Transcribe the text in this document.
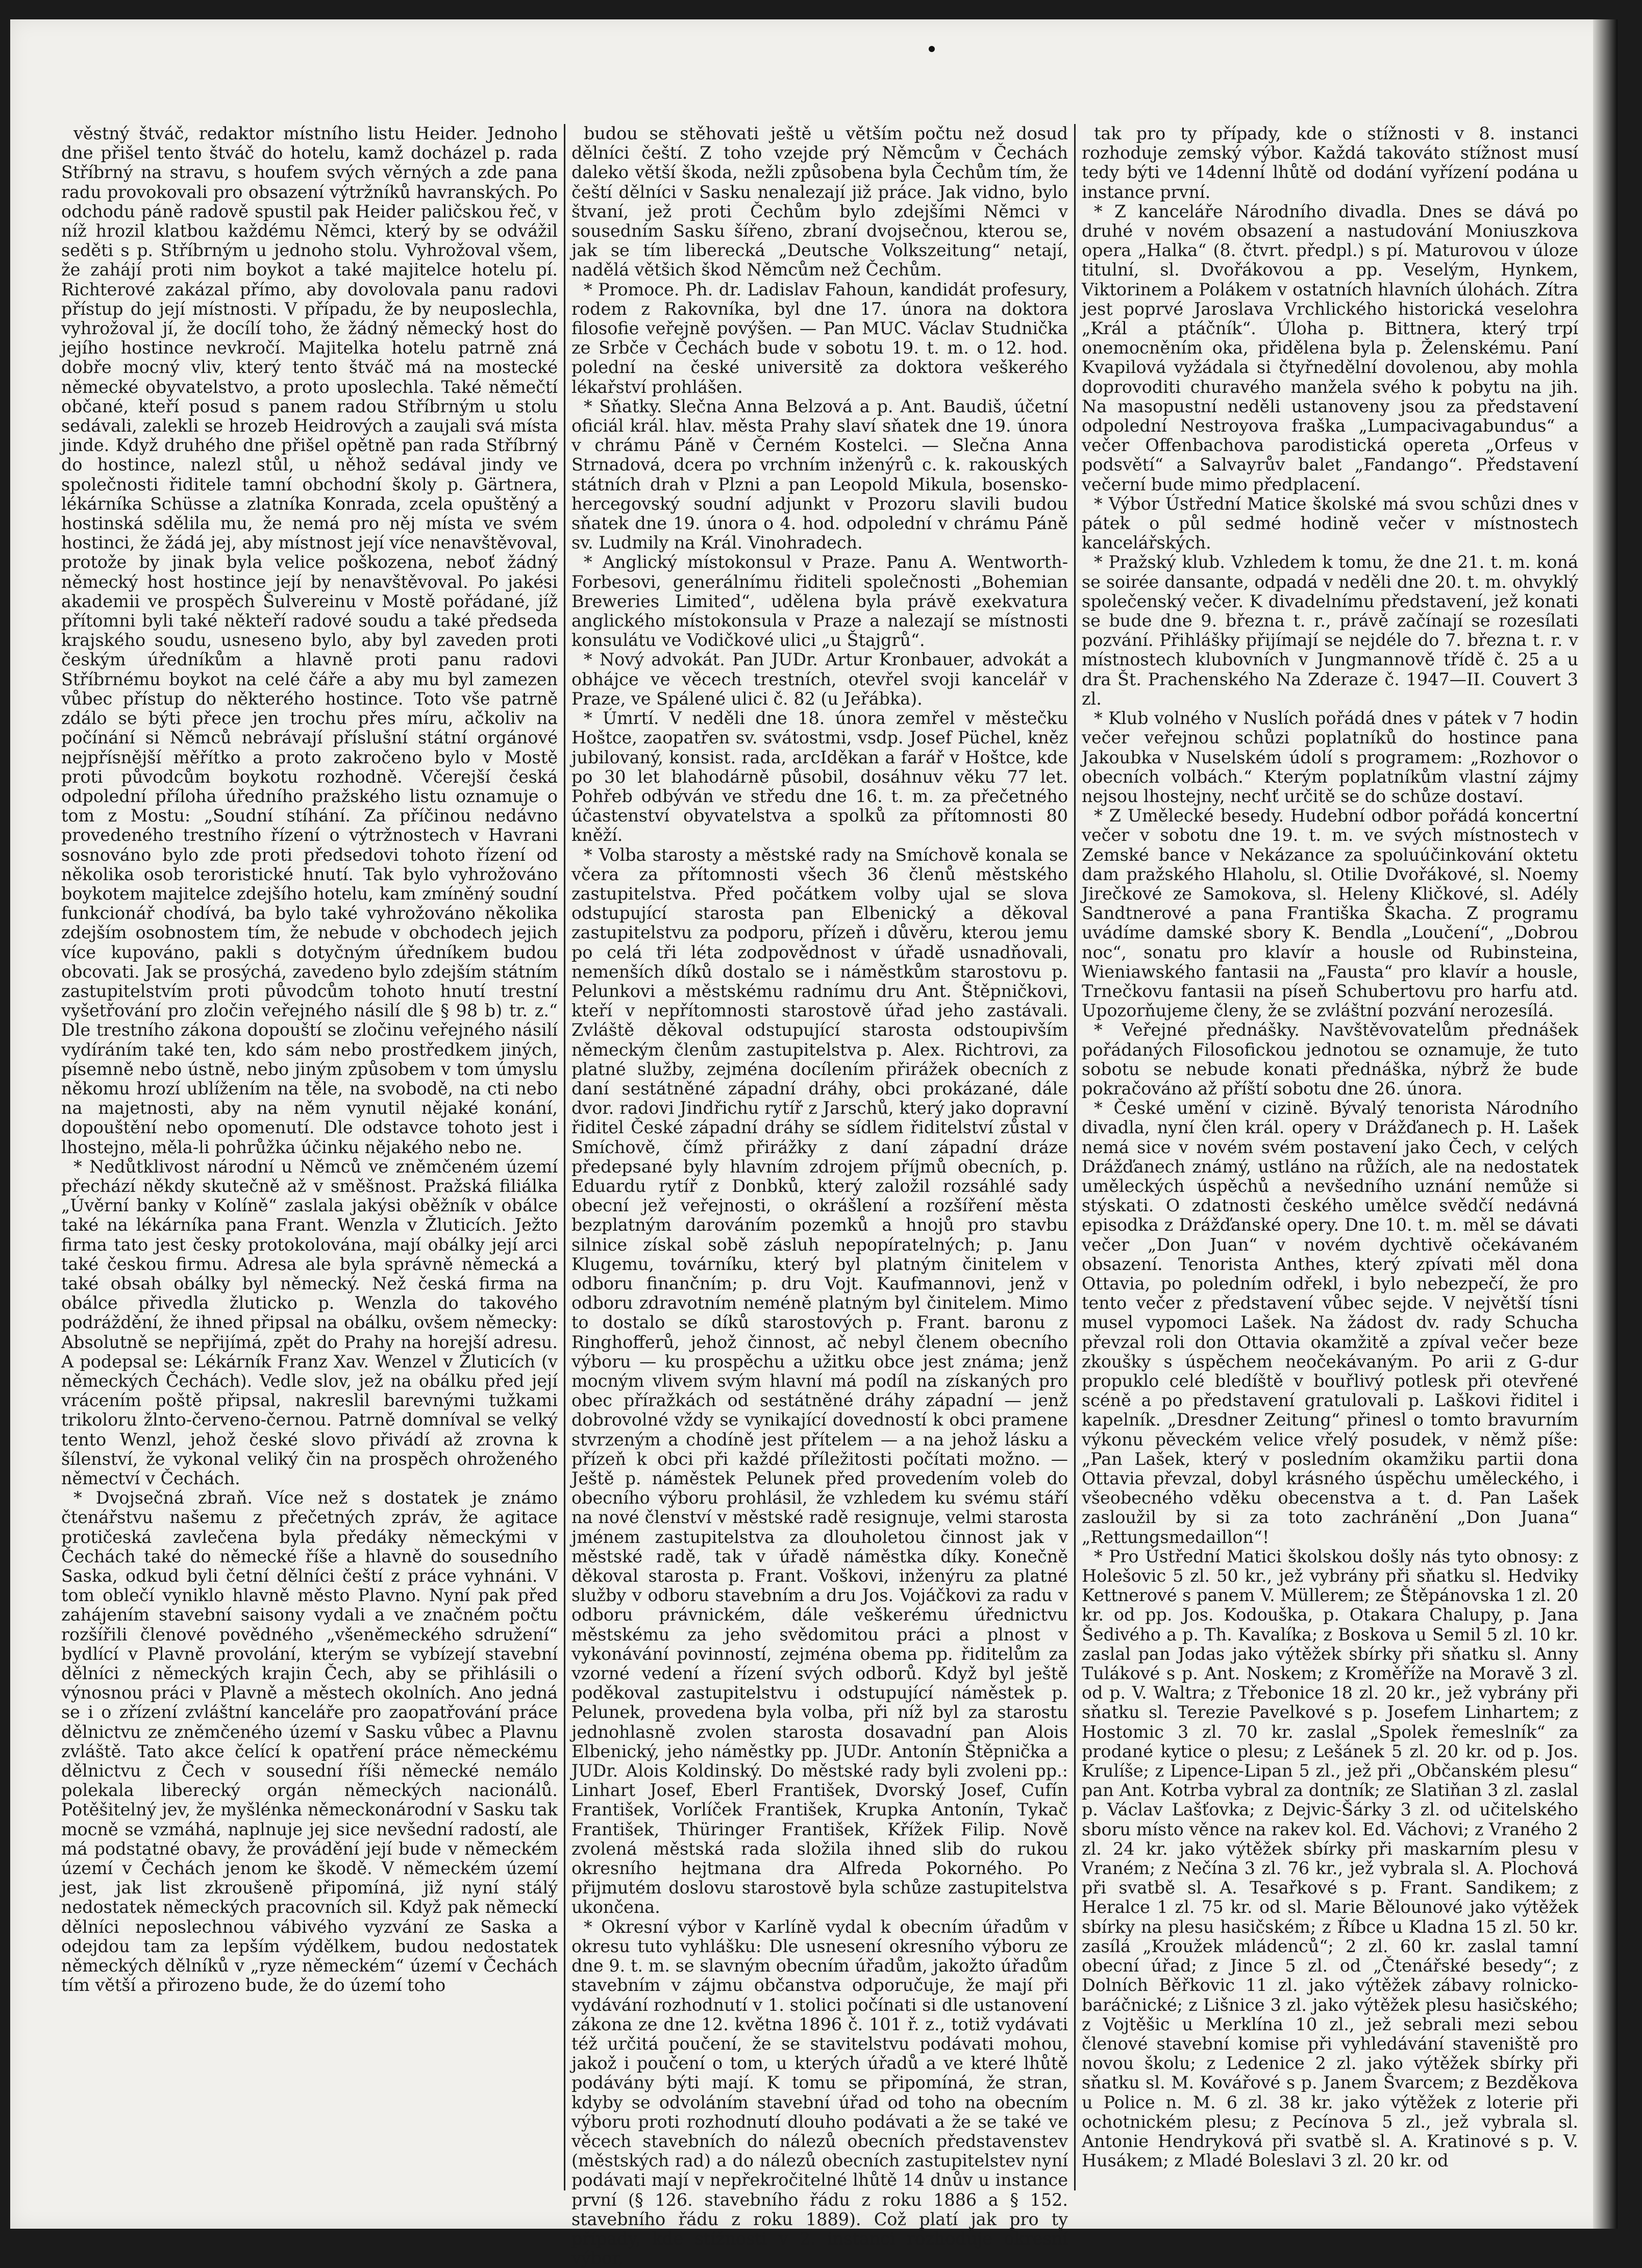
věstný štváč, redaktor místního listu Heider. Jednoho dne přišel tento štváč do hotelu, kamž docházel p. rada Stříbrný na stravu, s houfem svých věrných a zde pana radu provokovali pro obsazení výtržníků havranských. Po odchodu páně radově spustil pak Heider paličskou řeč, v níž hrozil klatbou každému Němci, který by se odvážil seděti s p. Stříbrným u jednoho stolu. Vyhrožoval všem, že zahájí proti nim boykot a také majitelce hotelu pí. Richterové zakázal přímo, aby dovolovala panu radovi přístup do její místnosti. V případu, že by neuposlechla, vyhrožoval jí, že docílí toho, že žádný německý host do jejího hostince nevkročí. Majitelka hotelu patrně zná dobře mocný vliv, který tento štváč má na mostecké německé obyvatelstvo, a proto uposlechla. Také němečtí občané, kteří posud s panem radou Stříbrným u stolu sedávali, zalekli se hrozeb Heidrových a zaujali svá místa jinde. Když druhého dne přišel opětně pan rada Stříbrný do hostince, nalezl stůl, u něhož sedával jindy ve společnosti řiditele tamní obchodní školy p. Gärtnera, lékárníka Schüsse a zlatníka Konrada, zcela opuštěný a hostinská sdělila mu, že nemá pro něj místa ve svém hostinci, že žádá jej, aby místnost její více nenavštěvoval, protože by jinak byla velice poškozena, neboť žádný německý host hostince její by nenavštěvoval. Po jakési akademii ve prospěch Šulvereinu v Mostě pořádané, jíž přítomni byli také někteří radové soudu a také předseda krajského soudu, usneseno bylo, aby byl zaveden proti českým úředníkům a hlavně proti panu radovi Stříbrnému boykot na celé čáře a aby mu byl zamezen vůbec přístup do některého hostince. Toto vše patrně zdálo se býti přece jen trochu přes míru, ačkoliv na počínání si Němců nebrávají příslušní státní orgánové nejpřísnější měřítko a proto zakročeno bylo v Mostě proti původcům boykotu rozhodně. Včerejší česká odpolední příloha úředního pražského listu oznamuje o tom z Mostu: „Soudní stíhání. Za příčinou nedávno provedeného trestního řízení o výtržnostech v Havrani sosnováno bylo zde proti předsedovi tohoto řízení od několika osob teroristické hnutí. Tak bylo vyhrožováno boykotem majitelce zdejšího hotelu, kam zmíněný soudní funkcionář chodívá, ba bylo také vyhrožováno několika zdejším osobnostem tím, že nebude v obchodech jejich více kupováno, pakli s dotyčným úředníkem budou obcovati. Jak se prosýchá, zavedeno bylo zdejším státním zastupitelstvím proti původcům tohoto hnutí trestní vyšetřování pro zločin veřejného násilí dle § 98 b) tr. z.“ Dle trestního zákona dopouští se zločinu veřejného násilí vydíráním také ten, kdo sám nebo prostředkem jiných, písemně nebo ústně, nebo jiným způsobem v tom úmyslu někomu hrozí ublížením na těle, na svobodě, na cti nebo na majetnosti, aby na něm vynutil nějaké konání, dopouštění nebo opomenutí. Dle odstavce tohoto jest i lhostejno, měla-li pohrůžka účinku nějakého nebo ne.

* Nedůtklivost národní u Němců ve zněmčeném území přechází někdy skutečně až v směšnost. Pražská filiálka „Úvěrní banky v Kolíně“ zaslala jakýsi oběžník v obálce také na lékárníka pana Frant. Wenzla v Žluticích. Ježto firma tato jest česky protokolována, mají obálky její arci také českou firmu. Adresa ale byla správně německá a také obsah obálky byl německý. Než česká firma na obálce přivedla žluticko p. Wenzla do takového podráždění, že ihned připsal na obálku, ovšem německy: Absolutně se nepřijímá, zpět do Prahy na horejší adresu. A podepsal se: Lékárník Franz Xav. Wenzel v Žluticích (v německých Čechách). Vedle slov, jež na obálku před její vrácením poště připsal, nakreslil barevnými tužkami trikoloru žlnto-červeno-černou. Patrně domníval se velký tento Wenzl, jehož české slovo přivádí až zrovna k šílenství, že vykonal veliký čin na prospěch ohroženého němectví v Čechách.

* Dvojsečná zbraň. Více než s dostatek je známo čtenářstvu našemu z přečetných zpráv, že agitace protičeská zavlečena byla předáky německými v Čechách také do německé říše a hlavně do sousedního Saska, odkud byli četní dělníci čeští z práce vyhnáni. V tom oblečí vyniklo hlavně město Plavno. Nyní pak před zahájením stavební saisony vydali a ve značném počtu rozšířili členové povědného „všeněmeckého sdružení“ bydlící v Plavně provolání, kterým se vybízejí stavební dělníci z německých krajin Čech, aby se přihlásili o výnosnou práci v Plavně a městech okolních. Ano jedná se i o zřízení zvláštní kanceláře pro zaopatřování práce dělnictvu ze zněmčeného území v Sasku vůbec a Plavnu zvláště. Tato akce čelící k opatření práce německému dělnictvu z Čech v sousední říši německé nemálo polekala liberecký orgán německých nacionálů. Potěšitelný jev, že myšlénka německonárodní v Sasku tak mocně se vzmáhá, naplnuje jej sice nevšední radostí, ale má podstatné obavy, že provádění její bude v německém území v Čechách jenom ke škodě. V německém území jest, jak list zkroušeně připomíná, již nyní stálý nedostatek německých pracovních sil. Když pak německí dělníci neposlechnou vábivého vyzvání ze Saska a odejdou tam za lepším výdělkem, budou nedostatek německých dělníků v „ryze německém“ území v Čechách tím větší a přirozeno bude, že do území toho

budou se stěhovati ještě u větším počtu než dosud dělníci čeští. Z toho vzejde prý Němcům v Čechách daleko větší škoda, nežli způsobena byla Čechům tím, že čeští dělníci v Sasku nenalezají již práce. Jak vidno, bylo štvaní, jež proti Čechům bylo zdejšími Němci v sousedním Sasku šířeno, zbraní dvojsečnou, kterou se, jak se tím liberecká „Deutsche Volkszeitung“ netají, nadělá většich škod Němcům než Čechům.

* Promoce. Ph. dr. Ladislav Fahoun, kandidát profesury, rodem z Rakovníka, byl dne 17. února na doktora filosofie veřejně povýšen. — Pan MUC. Václav Studnička ze Srbče v Čechách bude v sobotu 19. t. m. o 12. hod. polední na české universitě za doktora veškerého lékařství prohlášen.

* Sňatky. Slečna Anna Belzová a p. Ant. Baudiš, účetní oficiál král. hlav. města Prahy slaví sňatek dne 19. února v chrámu Páně v Černém Kostelci. — Slečna Anna Strnadová, dcera po vrchním inženýrů c. k. rakouských státních drah v Plzni a pan Leopold Mikula, bosensko-hercegovský soudní adjunkt v Prozoru slavili budou sňatek dne 19. února o 4. hod. odpolední v chrámu Páně sv. Ludmily na Král. Vinohradech.

* Anglický místokonsul v Praze. Panu A. Wentworth-Forbesovi, generálnímu řiditeli společnosti „Bohemian Breweries Limited“, udělena byla právě exekvatura anglického místokonsula v Praze a nalezají se místnosti konsulátu ve Vodičkové ulici „u Štajgrů“.

* Nový advokát. Pan JUDr. Artur Kronbauer, advokát a obhájce ve věcech trestních, otevřel svoji kancelář v Praze, ve Spálené ulici č. 82 (u Jeřábka).

* Úmrtí. V neděli dne 18. února zemřel v městečku Hoštce, zaopatřen sv. svátostmi, vsdp. Josef Püchel, kněz jubilovaný, konsist. rada, arcIděkan a farář v Hoštce, kde po 30 let blahodárně působil, dosáhnuv věku 77 let. Pohřeb odbýván ve středu dne 16. t. m. za přečetného účastenství obyvatelstva a spolků za přítomnosti 80 kněží.

* Volba starosty a městské rady na Smíchově konala se včera za přítomnosti všech 36 členů městského zastupitelstva. Před počátkem volby ujal se slova odstupující starosta pan Elbenický a děkoval zastupitelstvu za podporu, přízeň i důvěru, kterou jemu po celá tři léta zodpovědnost v úřadě usnadňovali, nemenších díků dostalo se i náměstkům starostovu p. Pelunkovi a městskému radnímu dru Ant. Štěpničkovi, kteří v nepřítomnosti starostově úřad jeho zastávali. Zvláště děkoval odstupující starosta odstoupivším německým členům zastupitelstva p. Alex. Richtrovi, za platné služby, zejména docílením přirážek obecních z daní sestátněné západní dráhy, obci prokázané, dále dvor. radovi Jindřichu rytíř z Jarschů, který jako dopravní řiditel České západní dráhy se sídlem řiditelství zůstal v Smíchově, čímž přirážky z daní západní dráze předepsané byly hlavním zdrojem příjmů obecních, p. Eduardu rytíř z Donbků, který založil rozsáhlé sady obecní jež veřejnosti, o okrášlení a rozšíření města bezplatným darováním pozemků a hnojů pro stavbu silnice získal sobě zásluh nepopíratelných; p. Janu Klugemu, továrníku, který byl platným činitelem v odboru finančním; p. dru Vojt. Kaufmannovi, jenž v odboru zdravotním neméně platným byl činitelem. Mimo to dostalo se díků starostových p. Frant. baronu z Ringhofferů, jehož činnost, ač nebyl členem obecního výboru — ku prospěchu a užitku obce jest známa; jenž mocným vlivem svým hlavní má podíl na získaných pro obec příražkách od sestátněné dráhy západní — jenž dobrovolné vždy se vynikající dovedností k obci pramene stvrzeným a chodíně jest přítelem — a na jehož lásku a přízeň k obci při každé příležitosti počítati možno. — Ještě p. náměstek Pelunek před provedením voleb do obecního výboru prohlásil, že vzhledem ku svému stáří na nové členství v městské radě resignuje, velmi starosta jménem zastupitelstva za dlouholetou činnost jak v městské radě, tak v úřadě náměstka díky. Konečně děkoval starosta p. Frant. Voškovi, inženýru za platné služby v odboru stavebním a dru Jos. Vojáčkovi za radu v odboru právnickém, dále veškerému úřednictvu městskému za jeho svědomitou práci a plnost v vykonávání povinností, zejména obema pp. řiditelům za vzorné vedení a řízení svých odborů. Když byl ještě poděkoval zastupitelstvu i odstupující náměstek p. Pelunek, provedena byla volba, při níž byl za starostu jednohlasně zvolen starosta dosavadní pan Alois Elbenický, jeho náměstky pp. JUDr. Antonín Štěpnička a JUDr. Alois Koldinský. Do městské rady byli zvoleni pp.: Linhart Josef, Eberl František, Dvorský Josef, Cufín František, Vorlíček František, Krupka Antonín, Tykač František, Thüringer František, Křížek Filip. Nově zvolená městská rada složila ihned slib do rukou okresního hejtmana dra Alfreda Pokorného. Po přijmutém doslovu starostově byla schůze zastupitelstva ukončena.

* Okresní výbor v Karlíně vydal k obecním úřadům v okresu tuto vyhlášku: Dle usnesení okresního výboru ze dne 9. t. m. se slavným obecním úřadům, jakožto úřadům stavebním v zájmu občanstva odporučuje, že mají při vydávání rozhodnutí v 1. stolici počínati si dle ustanovení zákona ze dne 12. května 1896 č. 101 ř. z., totiž vydávati též určitá poučení, že se stavitelstvu podávati mohou, jakož i poučení o tom, u kterých úřadů a ve které lhůtě podávány býti mají. K tomu se připomíná, že stran, kdyby se odvoláním stavební úřad od toho na obecním výboru proti rozhodnutí dlouho podávati a že se také ve věcech stavebních do nálezů obecních představenstev (městských rad) a do nálezů obecních zastupitelstev nyní podávati mají v nepřekročitelné lhůtě 14 dnův u instance první (§ 126. stavebního řádu z roku 1886 a § 152. stavebního řádu z roku 1889). Což platí jak pro ty případy, kde stížnosti v 2. instanci rozhoduje okresní výbor,

tak pro ty případy, kde o stížnosti v 8. instanci rozhoduje zemský výbor. Každá takováto stížnost musí tedy býti ve 14denní lhůtě od dodání vyřízení podána u instance první.

* Z kanceláře Národního divadla. Dnes se dává po druhé v novém obsazení a nastudování Moniuszkova opera „Halka“ (8. čtvrt. předpl.) s pí. Maturovou v úloze titulní, sl. Dvořákovou a pp. Veselým, Hynkem, Viktorinem a Polákem v ostatních hlavních úlohách. Zítra jest poprvé Jaroslava Vrchlického historická veselohra „Král a ptáčník“. Úloha p. Bittnera, který trpí onemocněním oka, přidělena byla p. Želenskému. Paní Kvapilová vyžádala si čtyřnedělní dovolenou, aby mohla doprovoditi churavého manžela svého k pobytu na jih. Na masopustní neděli ustanoveny jsou za představení odpolední Nestroyova fraška „Lumpacivagabundus“ a večer Offenbachova parodistická opereta „Orfeus v podsvětí“ a Salvayrův balet „Fandango“. Představení večerní bude mimo předplacení.

* Výbor Ústřední Matice školské má svou schůzi dnes v pátek o půl sedmé hodině večer v místnostech kancelářských.

* Pražský klub. Vzhledem k tomu, že dne 21. t. m. koná se soirée dansante, odpadá v neděli dne 20. t. m. ohvyklý společenský večer. K divadelnímu představení, jež konati se bude dne 9. března t. r., právě začínají se rozesílati pozvání. Přihlášky přijímají se nejdéle do 7. března t. r. v místnostech klubovních v Jungmannově třídě č. 25 a u dra Št. Prachenského Na Zderaze č. 1947—II. Couvert 3 zl.

* Klub volného v Nuslích pořádá dnes v pátek v 7 hodin večer veřejnou schůzi poplatníků do hostince pana Jakoubka v Nuselském údolí s programem: „Rozhovor o obecních volbách.“ Kterým poplatníkům vlastní zájmy nejsou lhostejny, nechť určitě se do schůze dostaví.

* Z Umělecké besedy. Hudební odbor pořádá koncertní večer v sobotu dne 19. t. m. ve svých místnostech v Zemské bance v Nekázance za spoluúčinkování oktetu dam pražského Hlaholu, sl. Otilie Dvořákové, sl. Noemy Jirečkové ze Samokova, sl. Heleny Kličkové, sl. Adély Sandtnerové a pana Františka Škacha. Z programu uvádíme damské sbory K. Bendla „Loučení“, „Dobrou noc“, sonatu pro klavír a housle od Rubinsteina, Wieniawského fantasii na „Fausta“ pro klavír a housle, Trnečkovu fantasii na píseň Schubertovu pro harfu atd. Upozorňujeme členy, že se zvláštní pozvání nerozesílá.

* Veřejné přednášky. Navštěvovatelům přednášek pořádaných Filosofickou jednotou se oznamuje, že tuto sobotu se nebude konati přednáška, nýbrž že bude pokračováno až příští sobotu dne 26. února.

* České umění v cizině. Bývalý tenorista Národního divadla, nyní člen král. opery v Drážďanech p. H. Lašek nemá sice v novém svém postavení jako Čech, v celých Drážďanech známý, ustláno na růžích, ale na nedostatek uměleckých úspěchů a nevšedního uznání nemůže si stýskati. O zdatnosti českého umělce svědčí nedávná episodka z Drážďanské opery. Dne 10. t. m. měl se dávati večer „Don Juan“ v novém dychtivě očekávaném obsazení. Tenorista Anthes, který zpívati měl dona Ottavia, po poledním odřekl, i bylo nebezpečí, že pro tento večer z představení vůbec sejde. V největší tísni musel vypomoci Lašek. Na žádost dv. rady Schucha převzal roli don Ottavia okamžitě a zpíval večer beze zkoušky s úspěchem neočekávaným. Po arii z G-dur propuklo celé bledíště v bouřlivý potlesk při otevřené scéně a po představení gratulovali p. Laškovi řiditel i kapelník. „Dresdner Zeitung“ přinesl o tomto bravurním výkonu pěveckém velice vřelý posudek, v němž píše: „Pan Lašek, který v posledním okamžiku partii dona Ottavia převzal, dobyl krásného úspěchu uměleckého, i všeobecného vděku obecenstva a t. d. Pan Lašek zasloužil by si za toto zachránění „Don Juana“ „Rettungsmedaillon“!

* Pro Ústřední Matici školskou došly nás tyto obnosy: z Holešovic 5 zl. 50 kr., jež vybrány při sňatku sl. Hedviky Kettnerové s panem V. Müllerem; ze Štěpánovska 1 zl. 20 kr. od pp. Jos. Kodouška, p. Otakara Chalupy, p. Jana Šedivého a p. Th. Kavalíka; z Boskova u Semil 5 zl. 10 kr. zaslal pan Jodas jako výtěžek sbírky při sňatku sl. Anny Tulákové s p. Ant. Noskem; z Kroměříže na Moravě 3 zl. od p. V. Waltra; z Třebonice 18 zl. 20 kr., jež vybrány při sňatku sl. Terezie Pavelkové s p. Josefem Linhartem; z Hostomic 3 zl. 70 kr. zaslal „Spolek řemeslník“ za prodané kytice o plesu; z Lešánek 5 zl. 20 kr. od p. Jos. Krulíše; z Lipence-Lipan 5 zl., jež při „Občanském plesu“ pan Ant. Kotrba vybral za dontník; ze Slatiňan 3 zl. zaslal p. Václav Lašťovka; z Dejvic-Šárky 3 zl. od učitelského sboru místo věnce na rakev kol. Ed. Váchovi; z Vraného 2 zl. 24 kr. jako výtěžek sbírky při maskarním plesu v Vraném; z Nečína 3 zl. 76 kr., jež vybrala sl. A. Plochová při svatbě sl. A. Tesařkové s p. Frant. Sandikem; z Heralce 1 zl. 75 kr. od sl. Marie Bělounové jako výtěžek sbírky na plesu hasičském; z Říbce u Kladna 15 zl. 50 kr. zasílá „Kroužek mládenců“; 2 zl. 60 kr. zaslal tamní obecní úřad; z Jince 5 zl. od „Čtenářské besedy“; z Dolních Běřkovic 11 zl. jako výtěžek zábavy rolnicko-baráčnické; z Lišnice 3 zl. jako výtěžek plesu hasičského; z Vojtěšic u Merklína 10 zl., jež sebrali mezi sebou členové stavební komise při vyhledávání staveniště pro novou školu; z Ledenice 2 zl. jako výtěžek sbírky při sňatku sl. M. Kovářové s p. Janem Švarcem; z Bezděkova u Police n. M. 6 zl. 38 kr. jako výtěžek z loterie při ochotnickém plesu; z Pecínova 5 zl., jež vybrala sl. Antonie Hendryková při svatbě sl. A. Kratinové s p. V. Husákem; z Mladé Boleslavi 3 zl. 20 kr. od
